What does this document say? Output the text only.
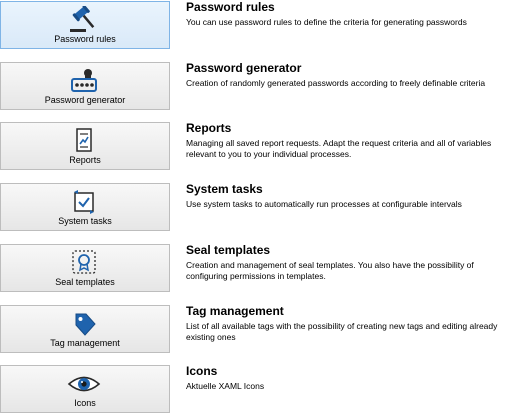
Password rules
Password rules
You can use password rules to define the criteria for generating passwords
Password generator
Password generator
Creation of randomly generated passwords according to freely definable criteria
Reports
Reports
Managing all saved report requests. Adapt the request criteria and all of variables relevant to you to your individual processes.
System tasks
System tasks
Use system tasks to automatically run processes at configurable intervals
Seal templates
Seal templates
Creation and management of seal templates. You also have the possibility of configuring permissions in templates.
Tag management
Tag management
List of all available tags with the possibility of creating new tags and editing already existing ones
Icons
Icons
Aktuelle XAML Icons
